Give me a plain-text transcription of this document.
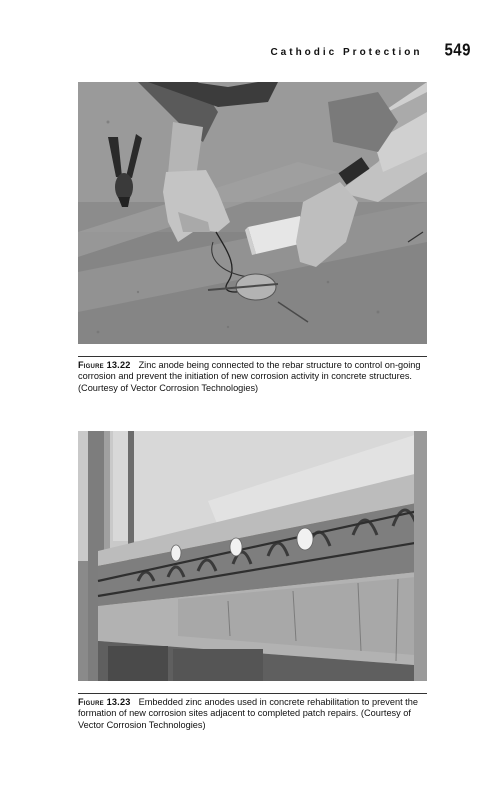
Cathodic Protection 549

Figure 13.22 Zinc anode being connected to the rebar structure to control on-going corrosion and prevent the initiation of new corrosion activity in concrete structures. (Courtesy of Vector Corrosion Technologies)

Figure 13.23 Embedded zinc anodes used in concrete rehabilitation to prevent the formation of new corrosion sites adjacent to completed patch repairs. (Courtesy of Vector Corrosion Technologies)
